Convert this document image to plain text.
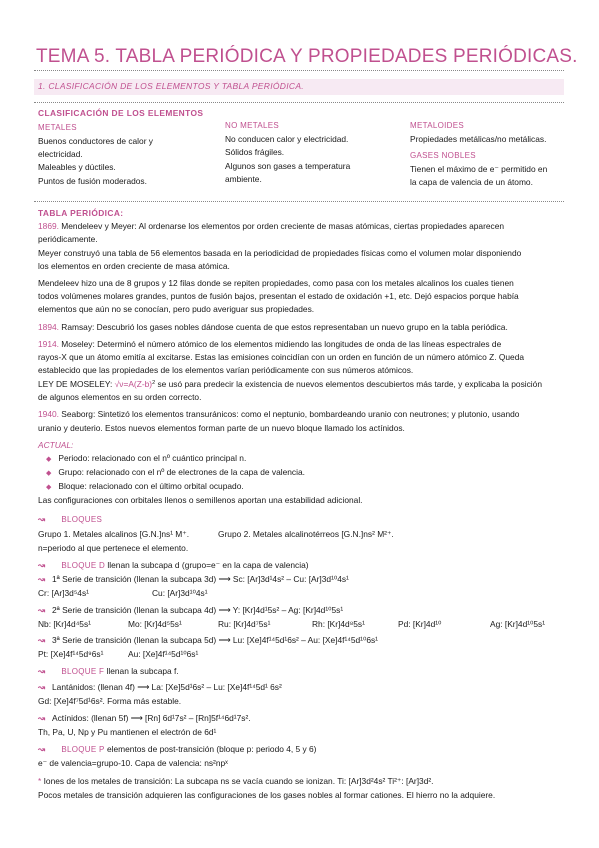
TEMA 5. TABLA PERIÓDICA Y PROPIEDADES PERIÓDICAS.
1. CLASIFICACIÓN DE LOS ELEMENTOS Y TABLA PERIÓDICA.
CLASIFICACIÓN DE LOS ELEMENTOS
METALES
Buenos conductores de calor y
electricidad.
Maleables y dúctiles.
Puntos de fusión moderados.
NO METALES
No conducen calor y electricidad.
Sólidos frágiles.
Algunos son gases a temperatura
ambiente.
METALOIDES
Propiedades metálicas/no metálicas.
GASES NOBLES
Tienen el máximo de e⁻ permitido en
la capa de valencia de un átomo.
TABLA PERIÓDICA:
1869. Mendeleev y Meyer: Al ordenarse los elementos por orden creciente de masas atómicas, ciertas propiedades aparecen
periódicamente.
Meyer construyó una tabla de 56 elementos basada en la periodicidad de propiedades físicas como el volumen molar disponiendo
los elementos en orden creciente de masa atómica.
Mendeleev hizo una de 8 grupos y 12 filas donde se repiten propiedades, como pasa con los metales alcalinos los cuales tienen
todos volúmenes molares grandes, puntos de fusión bajos, presentan el estado de oxidación +1, etc. Dejó espacios porque había
elementos que aún no se conocían, pero pudo averiguar sus propiedades.
1894. Ramsay: Descubrió los gases nobles dándose cuenta de que estos representaban un nuevo grupo en la tabla periódica.
1914. Moseley: Determinó el número atómico de los elementos midiendo las longitudes de onda de las líneas espectrales de
rayos-X que un átomo emitía al excitarse. Estas las emisiones coincidían con un orden en función de un número atómico Z. Queda
establecido que las propiedades de los elementos varían periódicamente con sus números atómicos.
LEY DE MOSELEY: $√\nu=A(Z-b)^2$ se usó para predecir la existencia de nuevos elementos descubiertos más tarde, y explicaba la posición
de algunos elementos en su orden correcto.
1940. Seaborg: Sintetizó los elementos transuránicos: como el neptunio, bombardeando uranio con neutrones; y plutonio, usando
uranio y deuterio. Estos nuevos elementos forman parte de un nuevo bloque llamado los actínidos.
ACTUAL:
◆ Periodo: relacionado con el nº cuántico principal n.
◆ Grupo: relacionado con el nº de electrones de la capa de valencia.
◆ Bloque: relacionado con el último orbital ocupado.
Las configuraciones con orbitales llenos o semillenos aportan una estabilidad adicional.
↝ BLOQUES
Grupo 1. Metales alcalinos [G.N.]ns¹ M⁺.	Grupo 2. Metales alcalinotérreos [G.N.]ns² M²⁺.
n=periodo al que pertenece el elemento.
↝ BLOQUE D llenan la subcapa d (grupo=e⁻ en la capa de valencia)
↝ 1ª Serie de transición (llenan la subcapa 3d) ⟶ Sc: [Ar]3d¹4s² – Cu: [Ar]3d¹⁰4s¹
Cr: [Ar]3d⁵4s¹	Cu: [Ar]3d¹⁰4s¹
↝ 2ª Serie de transición (llenan la subcapa 4d) ⟶ Y: [Kr]4d¹5s² – Ag: [Kr]4d¹⁰5s¹
Nb: [Kr]4d⁴5s¹	Mo: [Kr]4d⁵5s¹	Ru: [Kr]4d⁷5s¹	Rh: [Kr]4d⁸5s¹	Pd: [Kr]4d¹⁰	Ag: [Kr]4d¹⁰5s¹
↝ 3ª Serie de transición (llenan la subcapa 5d) ⟶ Lu: [Xe]4f¹⁴5d¹6s² – Au: [Xe]4f¹⁴5d¹⁰6s¹
Pt: [Xe]4f¹⁴5d⁹6s¹	Au: [Xe]4f¹⁴5d¹⁰6s¹
↝ BLOQUE F llenan la subcapa f.
↝ Lantánidos: (llenan 4f) ⟶ La: [Xe]5d¹6s² – Lu: [Xe]4f¹⁴5d¹ 6s²
Gd: [Xe]4f⁷5d¹6s². Forma más estable.
↝ Actínidos: (llenan 5f) ⟶ [Rn] 6d¹7s² – [Rn]5f¹⁴6d¹7s².
Th, Pa, U, Np y Pu mantienen el electrón de 6d¹
↝ BLOQUE P elementos de post-transición (bloque p: periodo 4, 5 y 6)
e⁻ de valencia=grupo-10. Capa de valencia: ns²npˣ
* Iones de los metales de transición: La subcapa ns se vacía cuando se ionizan. Ti: [Ar]3d²4s² Ti²⁺: [Ar]3d².
Pocos metales de transición adquieren las configuraciones de los gases nobles al formar cationes. El hierro no la adquiere.
